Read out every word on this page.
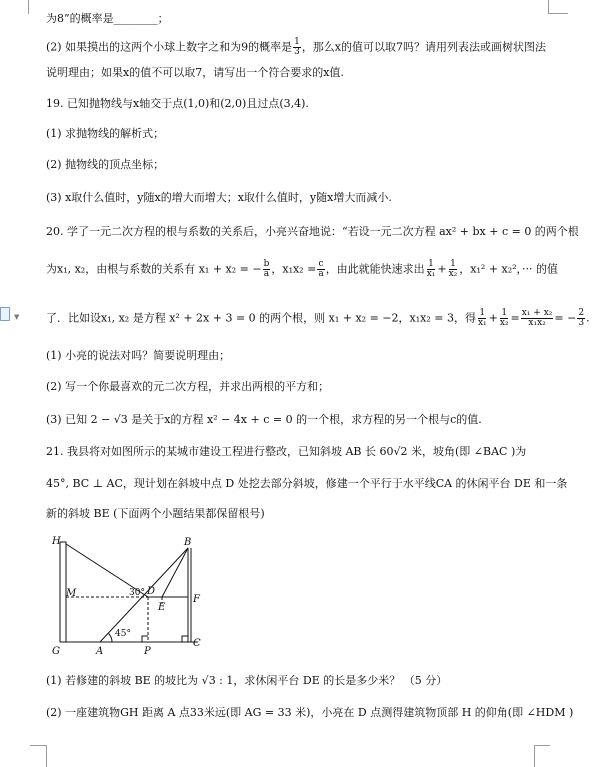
▼
为8”的概率是________；
(2) 如果摸出的这两个小球上数字之和为9的概率是 $\frac{1}{3}$ ，那么x的值可以取7吗？请用列表法或画树状图法
说明理由；如果x的值不可以取7，请写出一个符合要求的x值.
19. 已知抛物线与x轴交于点(1,0)和(2,0)且过点(3,4).
(1) 求抛物线的解析式；
(2) 抛物线的顶点坐标；
(3) x取什么值时，y随x的增大而增大；x取什么值时，y随x增大而减小.
20. 学了一元二次方程的根与系数的关系后，小亮兴奋地说：“若设一元二次方程 ax² + bx + c = 0 的两个根
为x₁, x₂，由根与系数的关系有 x₁ + x₂ = − $\frac{b}{a}$ ，$x_1x_2 = \frac{c}{a}$ ，由此就能快速求出 $\frac{1}{\text{x₁}} + \frac{1}{\text{x₂}}$ ，x₁² + x₂²，··· 的值
了．比如设x₁, x₂ 是方程 x² + 2x + 3 = 0 的两个根，则 x₁ + x₂ = −2，x₁x₂ = 3，得 $\frac{1}{\text{x₁}} + \frac{1}{\text{x₂}} = \frac{\text{x₁ + x₂}}{\text{x₁x₂}}$ = − $\frac{2}{3}$ .
(1) 小亮的说法对吗？简要说明理由；
(2) 写一个你最喜欢的元二次方程，并求出两根的平方和；
(3) 已知 2 − √3 是关于x的方程 x² − 4x + c = 0 的一个根，求方程的另一个根与c的值.
21. 我县将对如图所示的某城市建设工程进行整改，已知斜坡 AB 长 60√2 米，坡角(即 ∠BAC )为
45°, BC ⊥ AC，现计划在斜坡中点 D 处挖去部分斜坡，修建一个平行于水平线CA 的休闲平台 DE 和一条
新的斜坡 BE (下面两个小题结果都保留根号)
H
M
G	A	P
D
E
B
F
C
30°
45°
(1) 若修建的斜坡 BE 的坡比为 √3 : 1，求休闲平台 DE 的长是多少米？ （5 分）
(2) 一座建筑物GH 距离 A 点33米远(即 AG = 33 米)，小亮在 D 点测得建筑物顶部 H 的仰角(即 ∠HDM )
